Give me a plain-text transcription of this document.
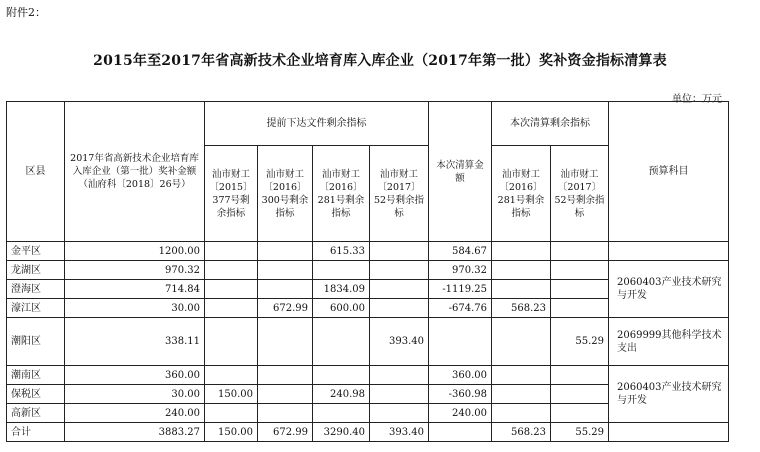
附件2：
2015年至2017年省高新技术企业培育库入库企业（2017年第一批）奖补资金指标清算表
单位：万元
区县	2017年省高新技术企业培育库入库企业（第一批）奖补金额（汕府科〔2018〕26号）	提前下达文件剩余指标				本次清算金额	本次清算剩余指标		预算科目
		汕市财工〔2015〕377号剩余指标	汕市财工〔2016〕300号剩余指标	汕市财工〔2016〕281号剩余指标	汕市财工〔2017〕52号剩余指标		汕市财工〔2016〕281号剩余指标	汕市财工〔2017〕52号剩余指标	
金平区	1200.00			615.33		584.67			
龙湖区	970.32					970.32			2060403产业技术研究与开发
澄海区	714.84			1834.09		-1119.25			
濠江区	30.00		672.99	600.00		-674.76	568.23		
潮阳区	338.11				393.40			55.29	2069999其他科学技术支出
潮南区	360.00					360.00			2060403产业技术研究与开发
保税区	30.00	150.00		240.98		-360.98			
高新区	240.00					240.00			
合计	3883.27	150.00	672.99	3290.40	393.40		568.23	55.29	
